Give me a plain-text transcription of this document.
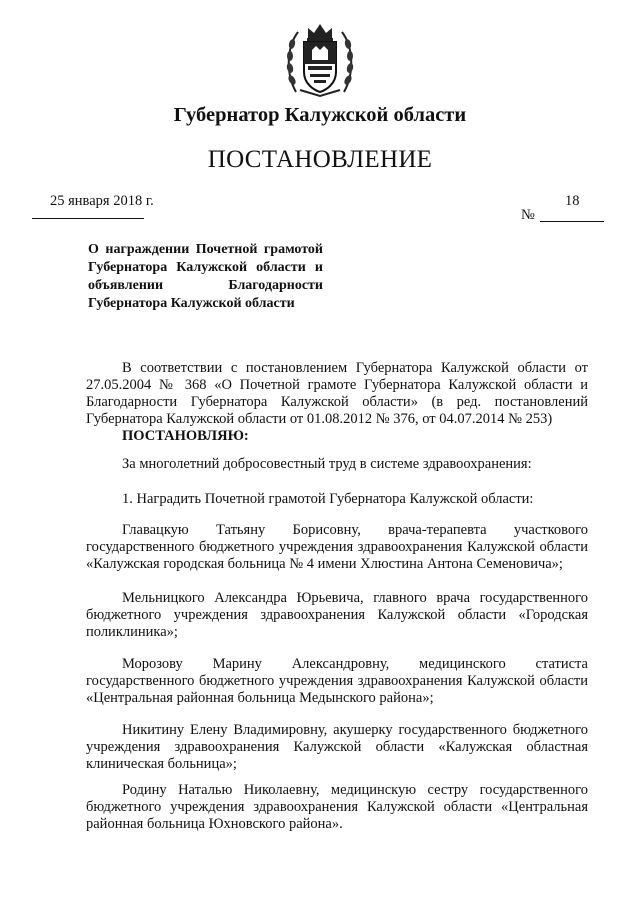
Губернатор Калужской области
ПОСТАНОВЛЕНИЕ
25 января 2018 г.	18
№
О награждении Почетной грамотой Губернатора Калужской области и объявлении Благодарности Губернатора Калужской области
В соответствии с постановлением Губернатора Калужской области от 27.05.2004 № 368 «О Почетной грамоте Губернатора Калужской области и Благодарности Губернатора Калужской области» (в ред. постановлений Губернатора Калужской области от 01.08.2012 № 376, от 04.07.2014 № 253)
ПОСТАНОВЛЯЮ:
За многолетний добросовестный труд в системе здравоохранения:
1. Наградить Почетной грамотой Губернатора Калужской области:
Главацкую Татьяну Борисовну, врача-терапевта участкового государственного бюджетного учреждения здравоохранения Калужской области «Калужская городская больница № 4 имени Хлюстина Антона Семеновича»;
Мельницкого Александра Юрьевича, главного врача государственного бюджетного учреждения здравоохранения Калужской области «Городская поликлиника»;
Морозову Марину Александровну, медицинского статиста государственного бюджетного учреждения здравоохранения Калужской области «Центральная районная больница Медынского района»;
Никитину Елену Владимировну, акушерку государственного бюджетного учреждения здравоохранения Калужской области «Калужская областная клиническая больница»;
Родину Наталью Николаевну, медицинскую сестру государственного бюджетного учреждения здравоохранения Калужской области «Центральная районная больница Юхновского района».
